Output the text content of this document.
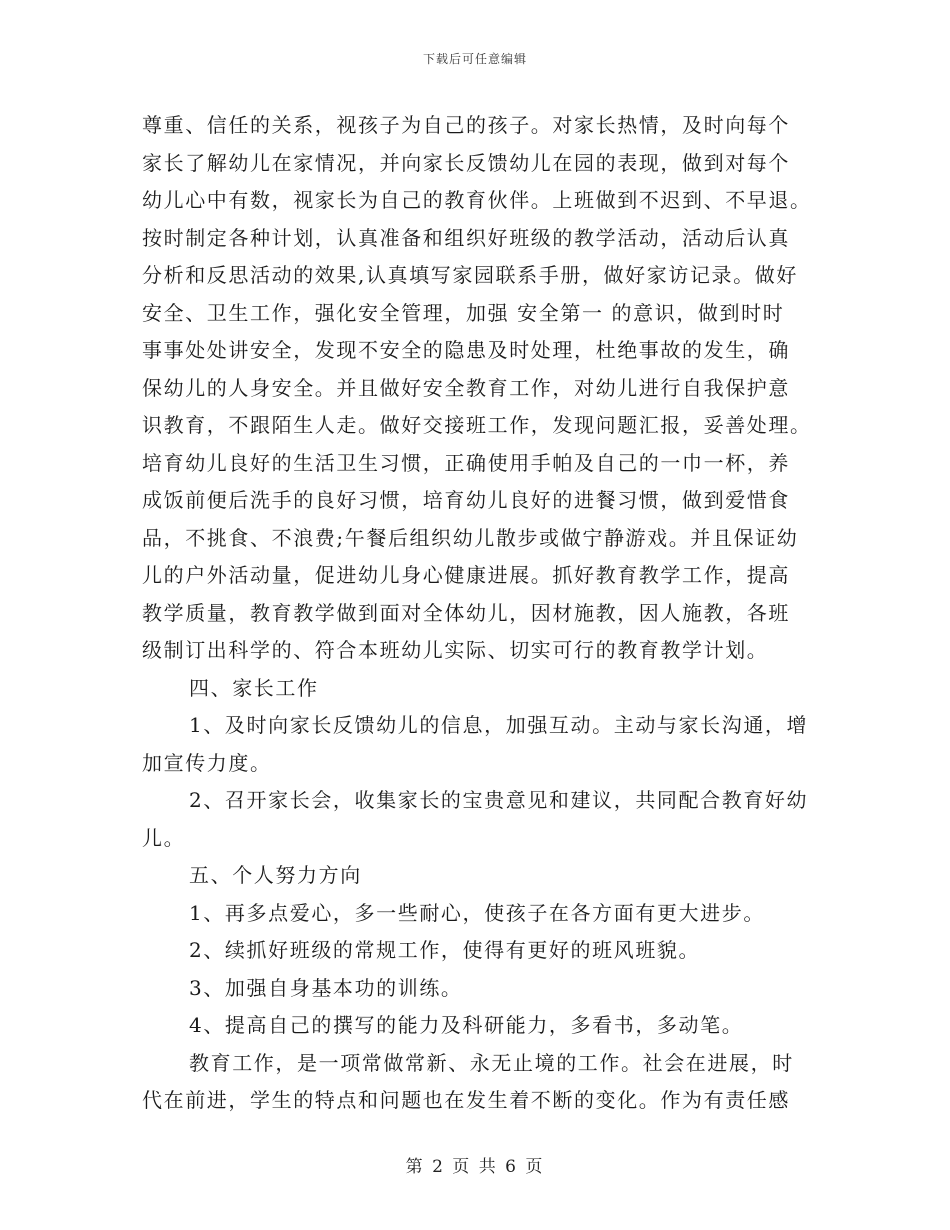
下载后可任意编辑
尊重、信任的关系，视孩子为自己的孩子。对家长热情，及时向每个
家长了解幼儿在家情况，并向家长反馈幼儿在园的表现，做到对每个
幼儿心中有数，视家长为自己的教育伙伴。上班做到不迟到、不早退。
按时制定各种计划，认真准备和组织好班级的教学活动，活动后认真
分析和反思活动的效果,认真填写家园联系手册，做好家访记录。做好
安全、卫生工作，强化安全管理，加强 安全第一 的意识，做到时时
事事处处讲安全，发现不安全的隐患及时处理，杜绝事故的发生，确
保幼儿的人身安全。并且做好安全教育工作，对幼儿进行自我保护意
识教育，不跟陌生人走。做好交接班工作，发现问题汇报，妥善处理。
培育幼儿良好的生活卫生习惯，正确使用手帕及自己的一巾一杯，养
成饭前便后洗手的良好习惯，培育幼儿良好的进餐习惯，做到爱惜食
品，不挑食、不浪费;午餐后组织幼儿散步或做宁静游戏。并且保证幼
儿的户外活动量，促进幼儿身心健康进展。抓好教育教学工作，提高
教学质量，教育教学做到面对全体幼儿，因材施教，因人施教，各班
级制订出科学的、符合本班幼儿实际、切实可行的教育教学计划。
四、家长工作
1、及时向家长反馈幼儿的信息，加强互动。主动与家长沟通，增
加宣传力度。
2、召开家长会，收集家长的宝贵意见和建议，共同配合教育好幼
儿。
五、个人努力方向
1、再多点爱心，多一些耐心，使孩子在各方面有更大进步。
2、续抓好班级的常规工作，使得有更好的班风班貌。
3、加强自身基本功的训练。
4、提高自己的撰写的能力及科研能力，多看书，多动笔。
教育工作，是一项常做常新、永无止境的工作。社会在进展，时
代在前进，学生的特点和问题也在发生着不断的变化。作为有责任感
第 2 页 共 6 页
